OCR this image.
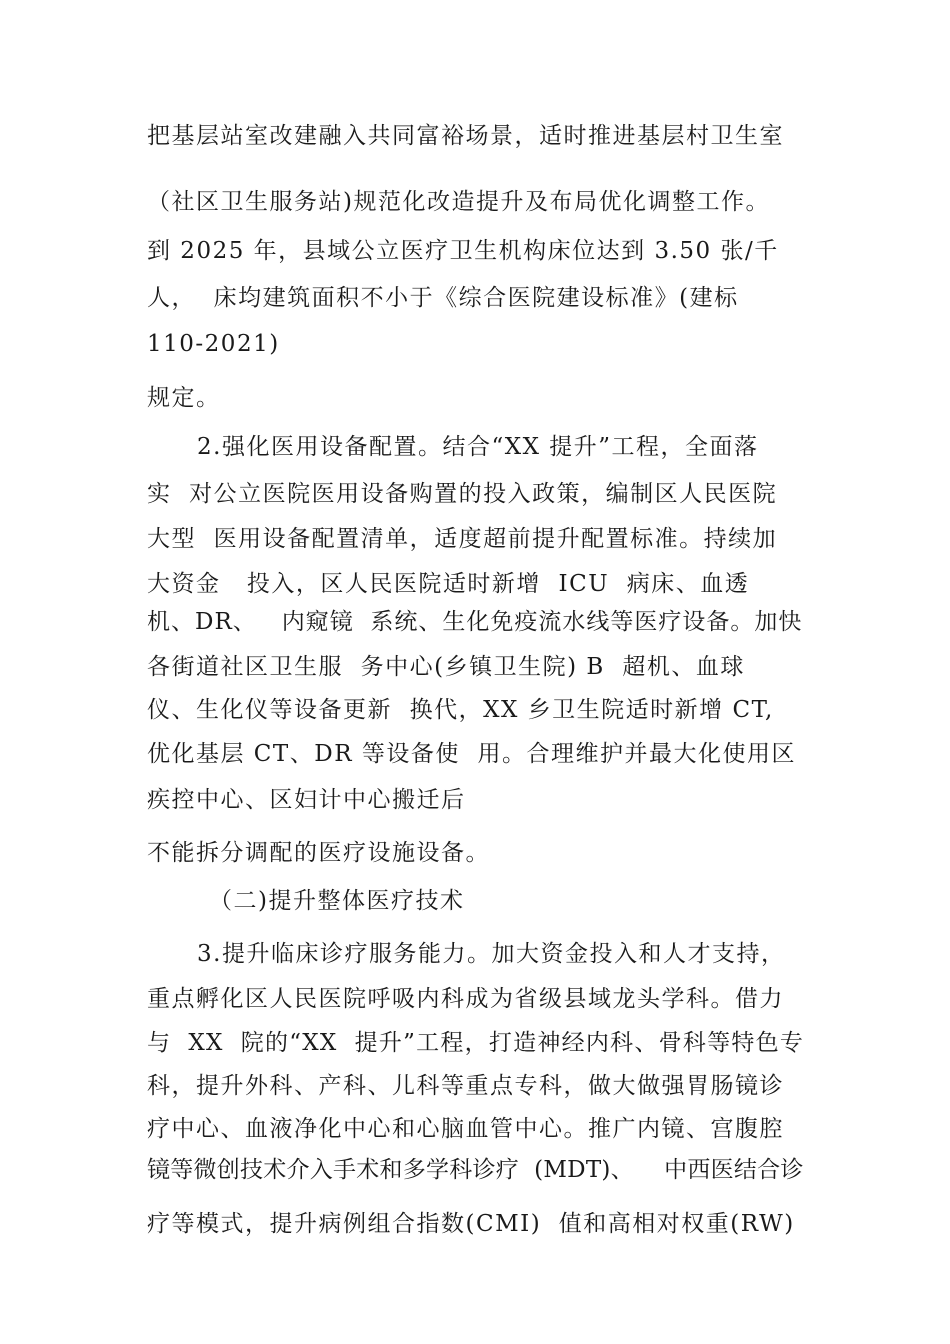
把基层站室改建融入共同富裕场景，适时推进基层村卫生室
（社区卫生服务站)规范化改造提升及布局优化调整工作。
到 2025 年，县域公立医疗卫生机构床位达到 3.50 张/千
人，  床均建筑面积不小于《综合医院建设标准》(建标
110-2021)
规定。
2.强化医用设备配置。结合“XX 提升”工程，全面落
实  对公立医院医用设备购置的投入政策，编制区人民医院
大型  医用设备配置清单，适度超前提升配置标准。持续加
大资金   投入，区人民医院适时新增  ICU  病床、血透
机、DR、   内窥镜  系统、生化免疫流水线等医疗设备。加快
各街道社区卫生服  务中心(乡镇卫生院) B  超机、血球
仪、生化仪等设备更新  换代，XX 乡卫生院适时新增 CT,
优化基层 CT、DR 等设备使  用。合理维护并最大化使用区
疾控中心、区妇计中心搬迁后
不能拆分调配的医疗设施设备。
（二)提升整体医疗技术
3.提升临床诊疗服务能力。加大资金投入和人才支持，
重点孵化区人民医院呼吸内科成为省级县域龙头学科。借力
与  XX  院的“XX  提升”工程，打造神经内科、骨科等特色专
科，提升外科、产科、儿科等重点专科，做大做强胃肠镜诊
疗中心、血液净化中心和心脑血管中心。推广内镜、宫腹腔
镜等微创技术介入手术和多学科诊疗  (MDT)、    中西医结合诊
疗等模式，提升病例组合指数(CMI)  值和高相对权重(RW)
